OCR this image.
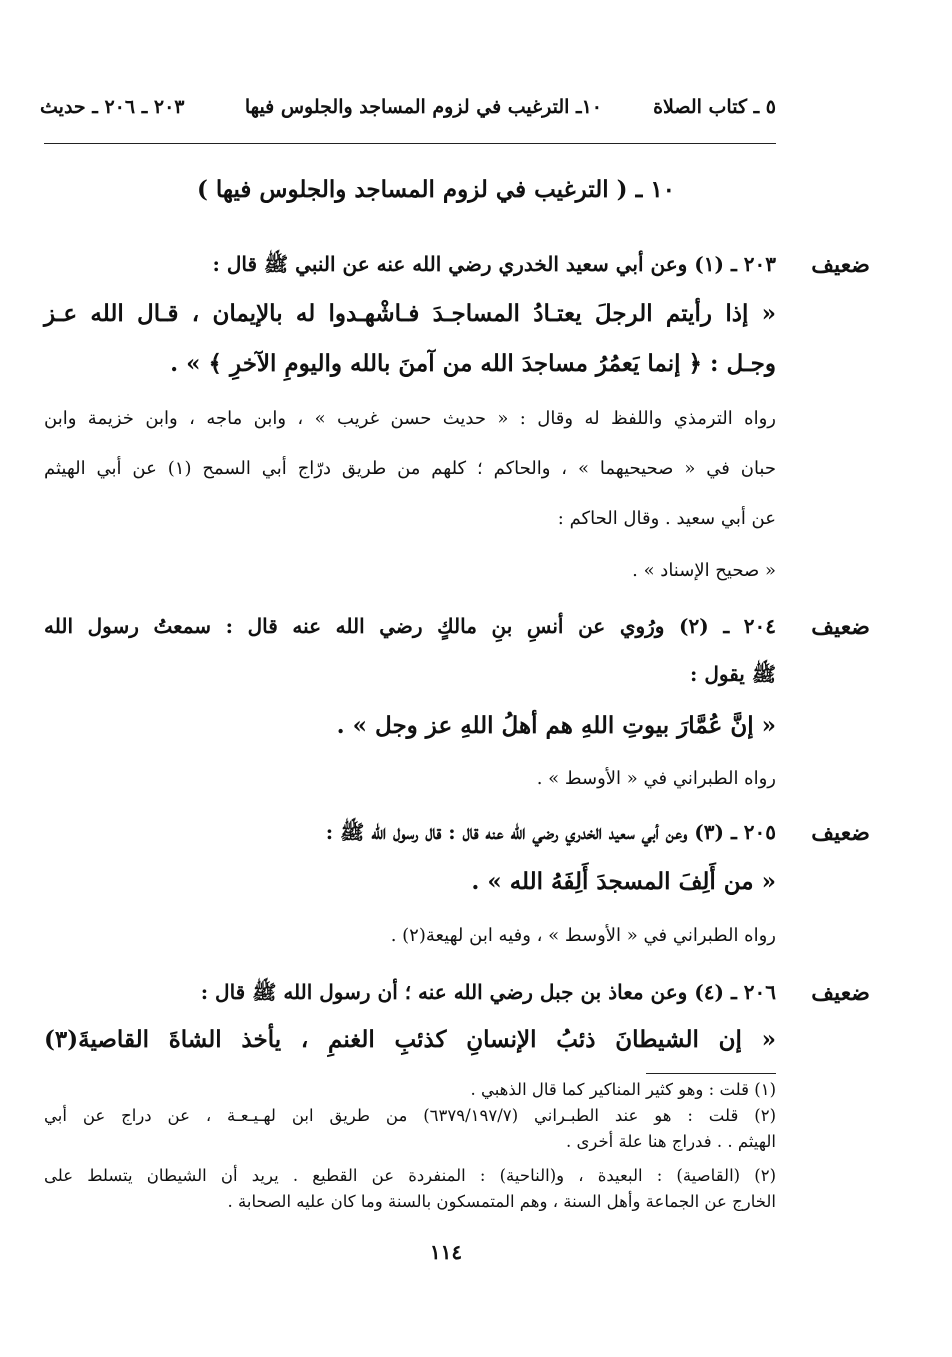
٥ ـ كتاب الصلاة
١٠ـ الترغيب في لزوم المساجد والجلوس فيها
٢٠٣ ـ ٢٠٦ ـ حديث
١٠ ـ ( الترغيب في لزوم المساجد والجلوس فيها )
ضعيف
٢٠٣ ـ (١) وعن أبي سعيد الخدري رضي الله عنه عن النبي ﷺ قال :
« إذا رأيتم الرجلَ يعتـادُ المساجـدَ فـاشْهـدوا له بالإيمان ، قـال الله عـز
وجـل : ﴿ إنما يَعمُرُ مساجدَ الله من آمنَ بالله واليومِ الآخرِ ﴾ » .
رواه الترمذي واللفظ له وقال : « حديث حسن غريب » ، وابن ماجه ، وابن خزيمة وابن
حبان في « صحيحيهما » ، والحاكم ؛ كلهم من طريق درّاج أبي السمح (١) عن أبي الهيثم
عن أبي سعيد . وقال الحاكم :
« صحيح الإسناد » .
ضعيف
٢٠٤ ـ (٢) ورُوي عن أنسِ بنِ مالكٍ رضي الله عنه قال : سمعتُ رسول الله
ﷺ يقول :
« إنَّ عُمَّارَ بيوتِ اللهِ هم أهلُ اللهِ عز وجل » .
رواه الطبراني في « الأوسط » .
ضعيف
٢٠٥ ـ (٣) وعن أبي سعيد الخدري رضي الله عنه قال : قال رسول الله ﷺ :
« من أَلِفَ المسجدَ أَلِفَهُ الله » .
رواه الطبراني في « الأوسط » ، وفيه ابن لهيعة(٢) .
ضعيف
٢٠٦ ـ (٤) وعن معاذ بن جبل رضي الله عنه ؛ أن رسول الله ﷺ قال :
« إن الشيطانَ ذئبُ الإنسانِ كذئبِ الغنمِ ، يأخذ الشاةَ القاصيةَ(٣)
(١) قلت : وهو كثير المناكير كما قال الذهبي .
(٢) قلت : هو عند الطبـراني (٦٣٧٩/١٩٧/٧) من طريق ابن لهـيـعـة ، عن دراج عن أبي
الهيثم . . فدراج هنا علة أخرى .
(٢) (القاصية) : البعيدة ، و(الناحية) : المنفردة عن القطيع . يريد أن الشيطان يتسلط على
الخارج عن الجماعة وأهل السنة ، وهم المتمسكون بالسنة وما كان عليه الصحابة .
١١٤
